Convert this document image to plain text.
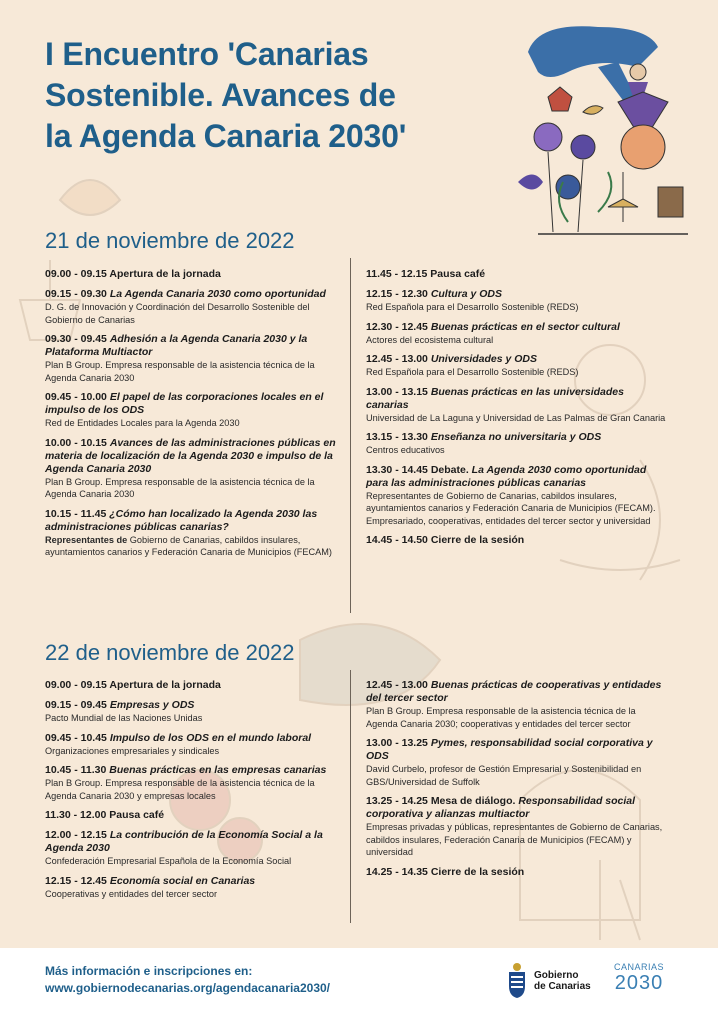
I Encuentro 'Canarias
Sostenible. Avances de
la Agenda Canaria 2030'
21 de noviembre de 2022
09.00 - 09.15 Apertura de la jornada
09.15 - 09.30 La Agenda Canaria 2030 como oportunidad
D. G. de Innovación y Coordinación del Desarrollo Sostenible del Gobierno de Canarias
09.30 - 09.45 Adhesión a la Agenda Canaria 2030 y la Plataforma Multiactor
Plan B Group. Empresa responsable de la asistencia técnica de la Agenda Canaria 2030
09.45 - 10.00 El papel de las corporaciones locales en el impulso de los ODS
Red de Entidades Locales para la Agenda 2030
10.00 - 10.15 Avances de las administraciones públicas en materia de localización de la Agenda 2030 e impulso de la Agenda Canaria 2030
Plan B Group. Empresa responsable de la asistencia técnica de la Agenda Canaria 2030
10.15 - 11.45 ¿Cómo han localizado la Agenda 2030 las administraciones públicas canarias?
Representantes de Gobierno de Canarias, cabildos insulares, ayuntamientos canarios y Federación Canaria de Municipios (FECAM)
11.45 - 12.15 Pausa café
12.15 - 12.30 Cultura y ODS
Red Española para el Desarrollo Sostenible (REDS)
12.30 - 12.45 Buenas prácticas en el sector cultural
Actores del ecosistema cultural
12.45 - 13.00 Universidades y ODS
Red Española para el Desarrollo Sostenible (REDS)
13.00 - 13.15 Buenas prácticas en las universidades canarias
Universidad de La Laguna y Universidad de Las Palmas de Gran Canaria
13.15 - 13.30 Enseñanza no universitaria y ODS
Centros educativos
13.30 - 14.45 Debate. La Agenda 2030 como oportunidad para las administraciones públicas canarias
Representantes de Gobierno de Canarias, cabildos insulares, ayuntamientos canarios y Federación Canaria de Municipios (FECAM). Empresariado, cooperativas, entidades del tercer sector y universidad
14.45 - 14.50 Cierre de la sesión
22 de noviembre de 2022
09.00 - 09.15 Apertura de la jornada
09.15 - 09.45 Empresas y ODS
Pacto Mundial de las Naciones Unidas
09.45 - 10.45 Impulso de los ODS en el mundo laboral
Organizaciones empresariales y sindicales
10.45 - 11.30 Buenas prácticas en las empresas canarias
Plan B Group. Empresa responsable de la asistencia técnica de la Agenda Canaria 2030 y empresas locales
11.30 - 12.00 Pausa café
12.00 - 12.15 La contribución de la Economía Social a la Agenda 2030
Confederación Empresarial Española de la Economía Social
12.15 - 12.45 Economía social en Canarias
Cooperativas y entidades del tercer sector
12.45 - 13.00 Buenas prácticas de cooperativas y entidades del tercer sector
Plan B Group. Empresa responsable de la asistencia técnica de la Agenda Canaria 2030; cooperativas y entidades del tercer sector
13.00 - 13.25 Pymes, responsabilidad social corporativa y ODS
David Curbelo, profesor de Gestión Empresarial y Sostenibilidad en GBS/Universidad de Suffolk
13.25 - 14.25 Mesa de diálogo. Responsabilidad social corporativa y alianzas multiactor
Empresas privadas y públicas, representantes de Gobierno de Canarias, cabildos insulares, Federación Canaria de Municipios (FECAM) y universidad
14.25 - 14.35 Cierre de la sesión
Más información e inscripciones en:
www.gobiernodecanarias.org/agendacanaria2030/
Gobierno
de Canarias
CANARIAS
2030
